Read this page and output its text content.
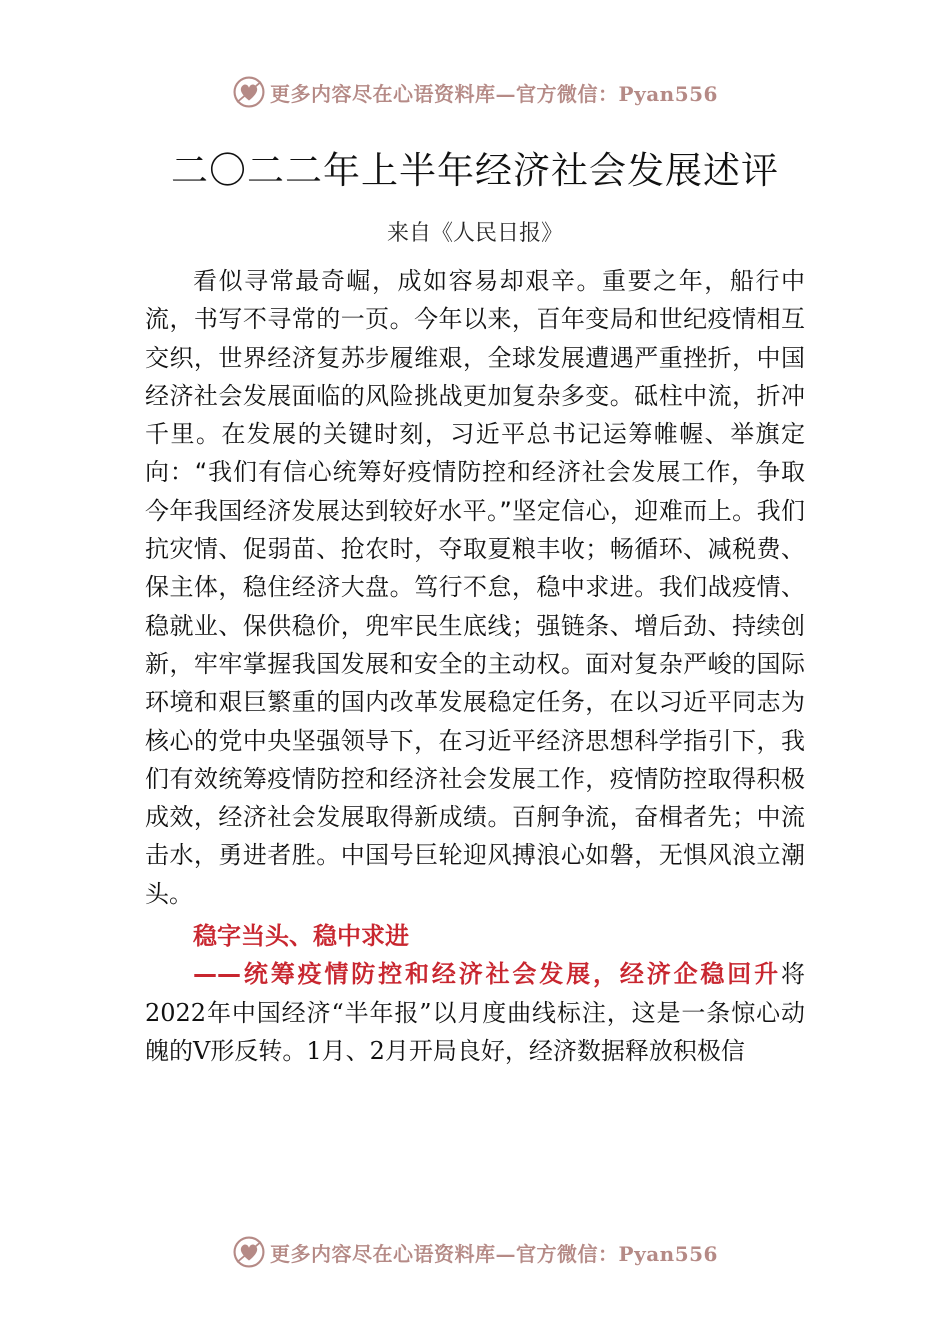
更多内容尽在心语资料库—官方微信：Pyan556
二〇二二年上半年经济社会发展述评
来自《人民日报》

看似寻常最奇崛，成如容易却艰辛。重要之年，船行中流，书写不寻常的一页。今年以来，百年变局和世纪疫情相互交织，世界经济复苏步履维艰，全球发展遭遇严重挫折，中国经济社会发展面临的风险挑战更加复杂多变。砥柱中流，折冲千里。在发展的关键时刻，习近平总书记运筹帷幄、举旗定向：“我们有信心统筹好疫情防控和经济社会发展工作，争取今年我国经济发展达到较好水平。”坚定信心，迎难而上。我们抗灾情、促弱苗、抢农时，夺取夏粮丰收；畅循环、减税费、保主体，稳住经济大盘。笃行不怠，稳中求进。我们战疫情、稳就业、保供稳价，兜牢民生底线；强链条、增后劲、持续创新，牢牢掌握我国发展和安全的主动权。面对复杂严峻的国际环境和艰巨繁重的国内改革发展稳定任务，在以习近平同志为核心的党中央坚强领导下，在习近平经济思想科学指引下，我们有效统筹疫情防控和经济社会发展工作，疫情防控取得积极成效，经济社会发展取得新成绩。百舸争流，奋楫者先；中流击水，勇进者胜。中国号巨轮迎风搏浪心如磐，无惧风浪立潮头。

稳字当头、稳中求进

——统筹疫情防控和经济社会发展，经济企稳回升将2022年中国经济“半年报”以月度曲线标注，这是一条惊心动魄的V形反转。1月、2月开局良好，经济数据释放积极信

更多内容尽在心语资料库—官方微信：Pyan556
